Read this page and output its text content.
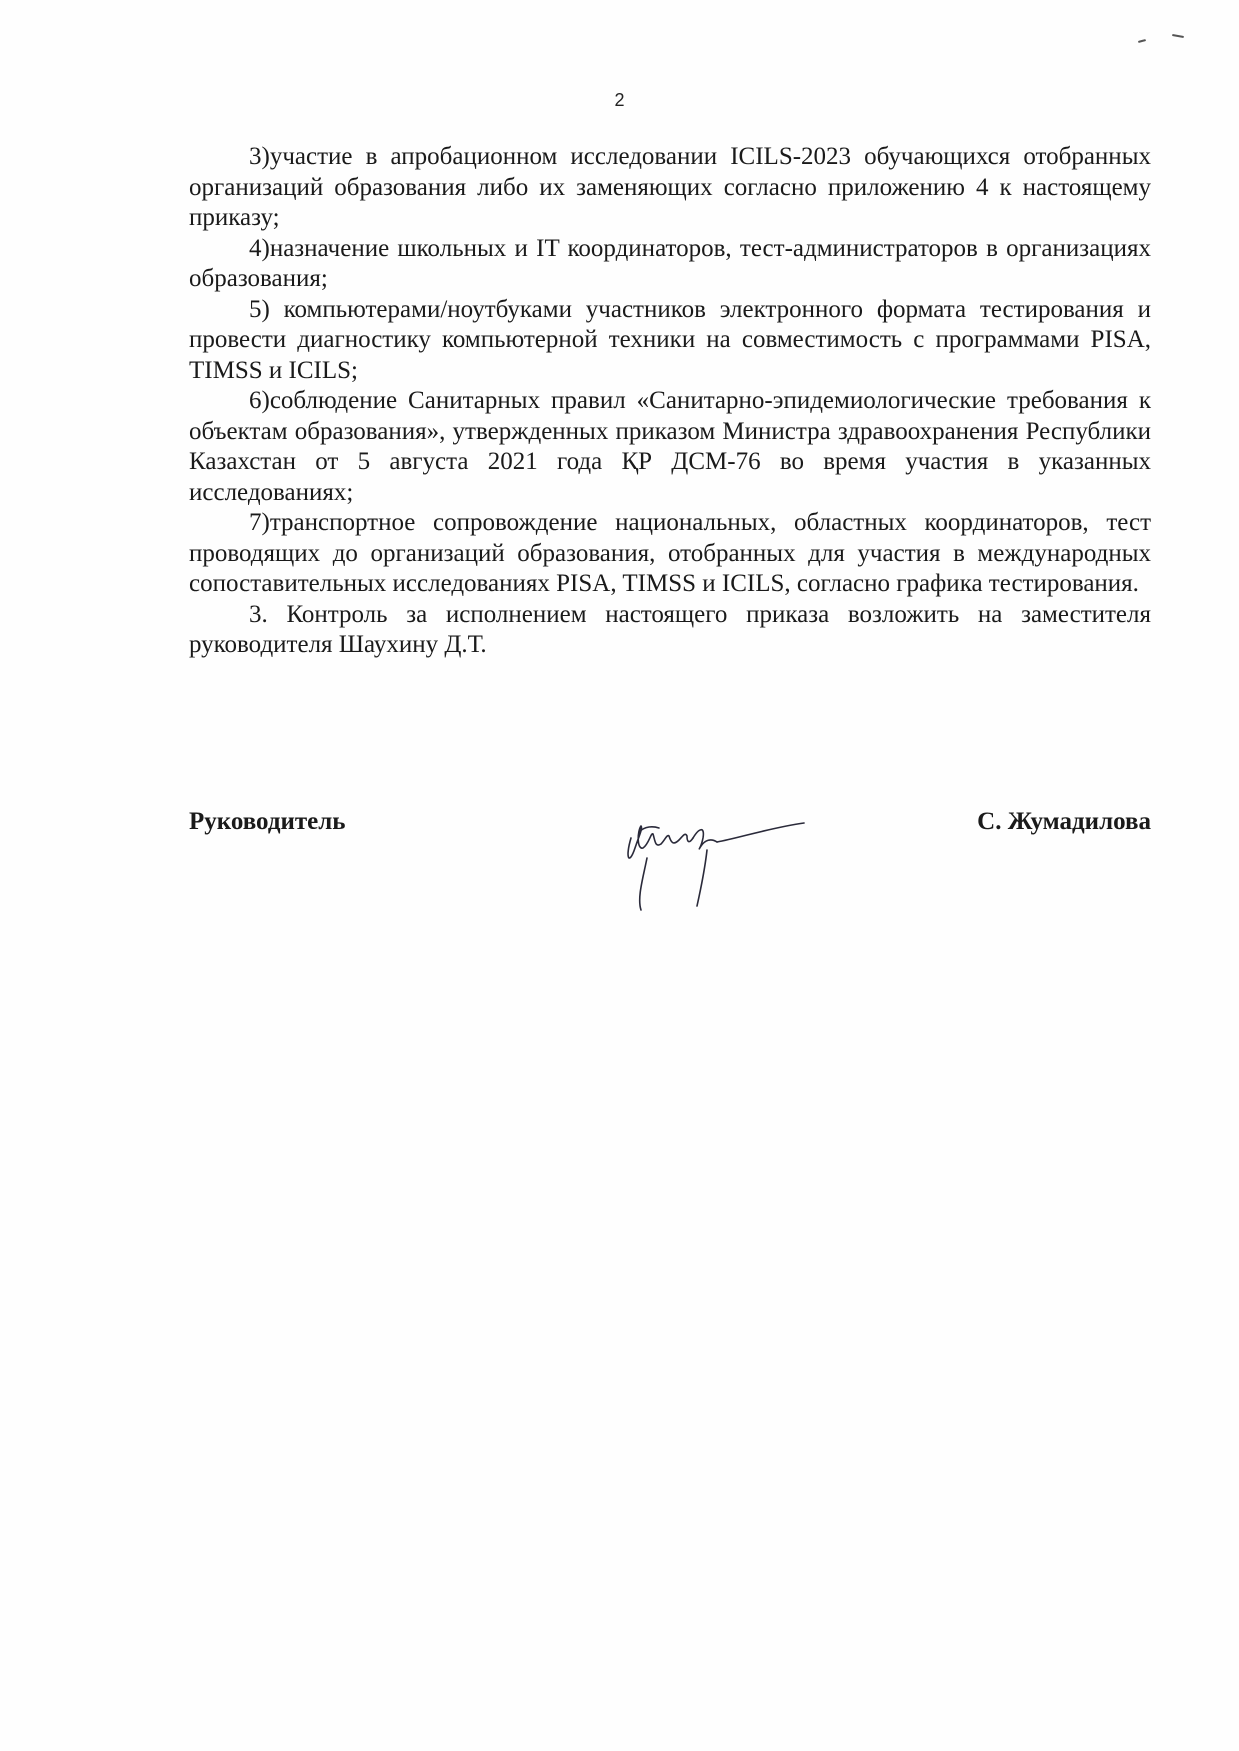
2

3)участие в апробационном исследовании ICILS-2023 обучающихся отобранных организаций образования либо их заменяющих согласно приложению 4 к настоящему приказу;

4)назначение школьных и IT координаторов, тест-администраторов в организациях образования;

5) компьютерами/ноутбуками участников электронного формата тестирования и провести диагностику компьютерной техники на совместимость с программами PISA, TIMSS и ICILS;

6)соблюдение Санитарных правил «Санитарно-эпидемиологические требования к объектам образования», утвержденных приказом Министра здравоохранения Республики Казахстан от 5 августа 2021 года ҚР ДСМ-76 во время участия в указанных исследованиях;

7)транспортное сопровождение национальных, областных координаторов, тест проводящих до организаций образования, отобранных для участия в международных сопоставительных исследованиях PISA, TIMSS и ICILS, согласно графика тестирования.

3. Контроль за исполнением настоящего приказа возложить на заместителя руководителя Шаухину Д.Т.

Руководитель	С. Жумадилова
